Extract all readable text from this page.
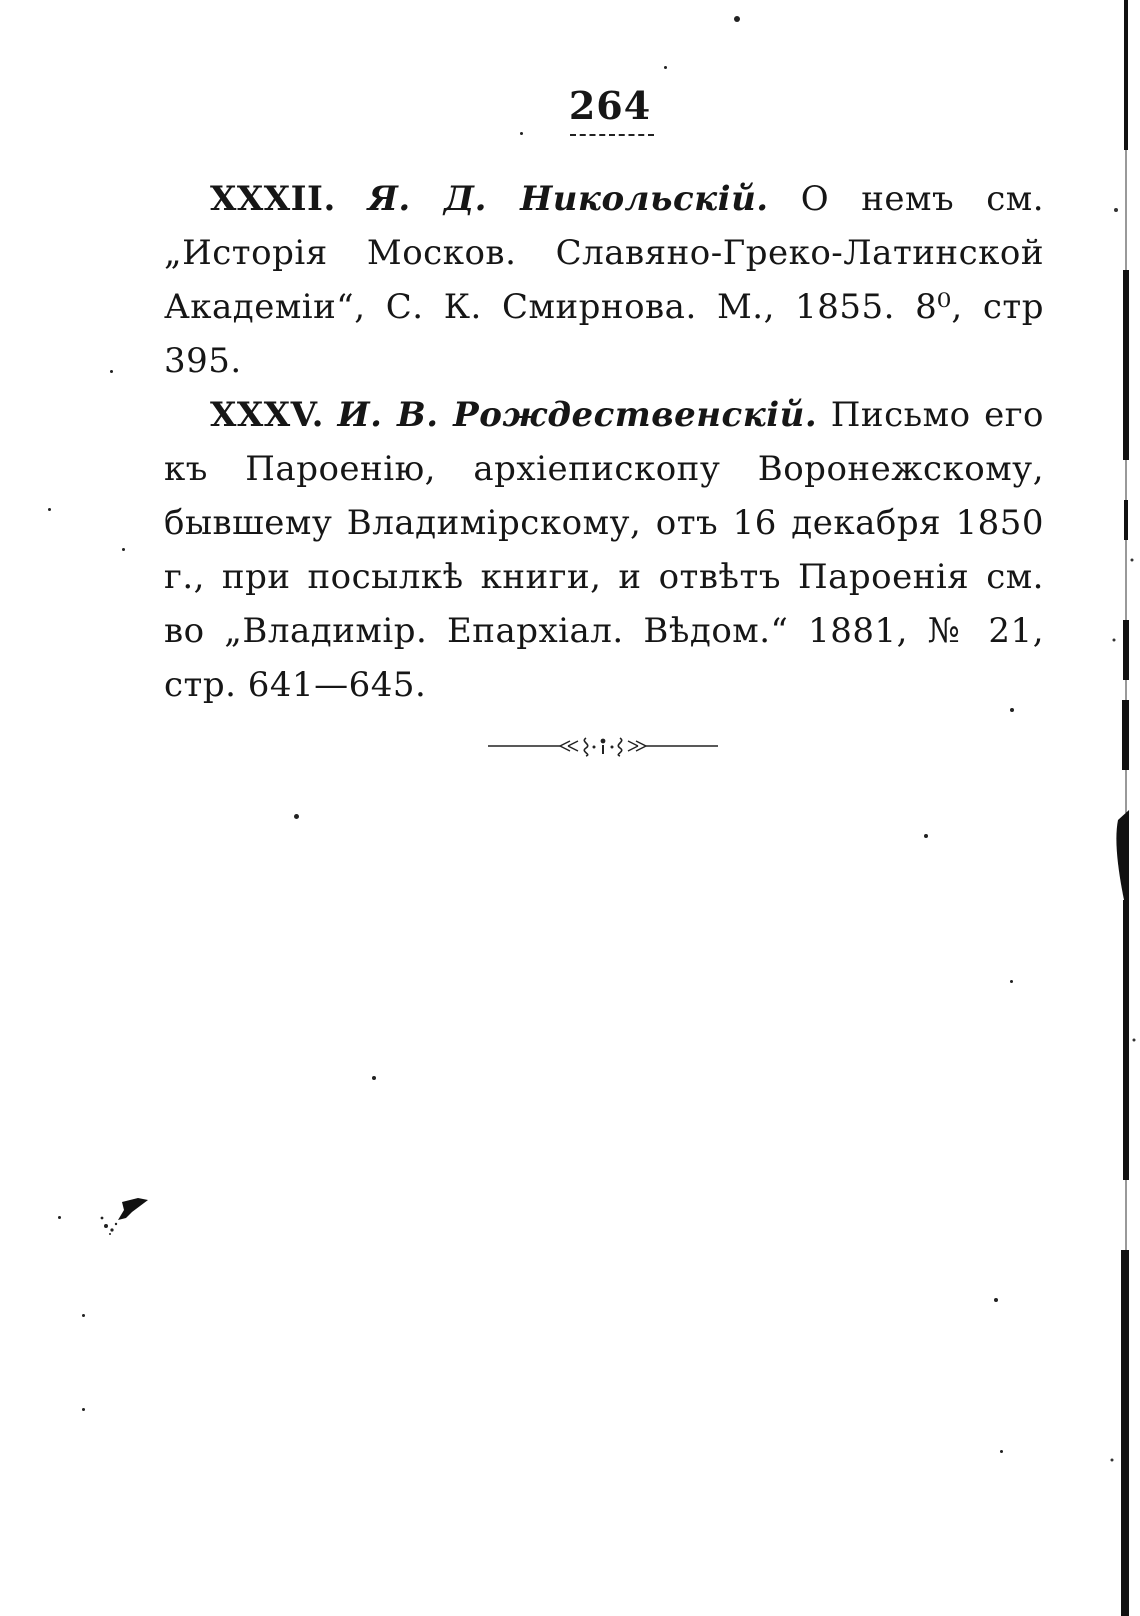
264

XXXII. Я. Д. Никольскій. О немъ см. „Исторія Москов. Славяно-Греко-Латинской Академіи“, С. К. Смирнова. М., 1855. 8⁰, стр 395.

XXXV. И. В. Рождественскій. Письмо его къ Пароенію, архіепископу Воронежскому, бывшему Владимірскому, отъ 16 декабря 1850 г., при посылкѣ книги, и отвѣтъ Пароенія см. во „Владимір. Епархіал. Вѣдом.“ 1881, № 21, стр. 641—645.
